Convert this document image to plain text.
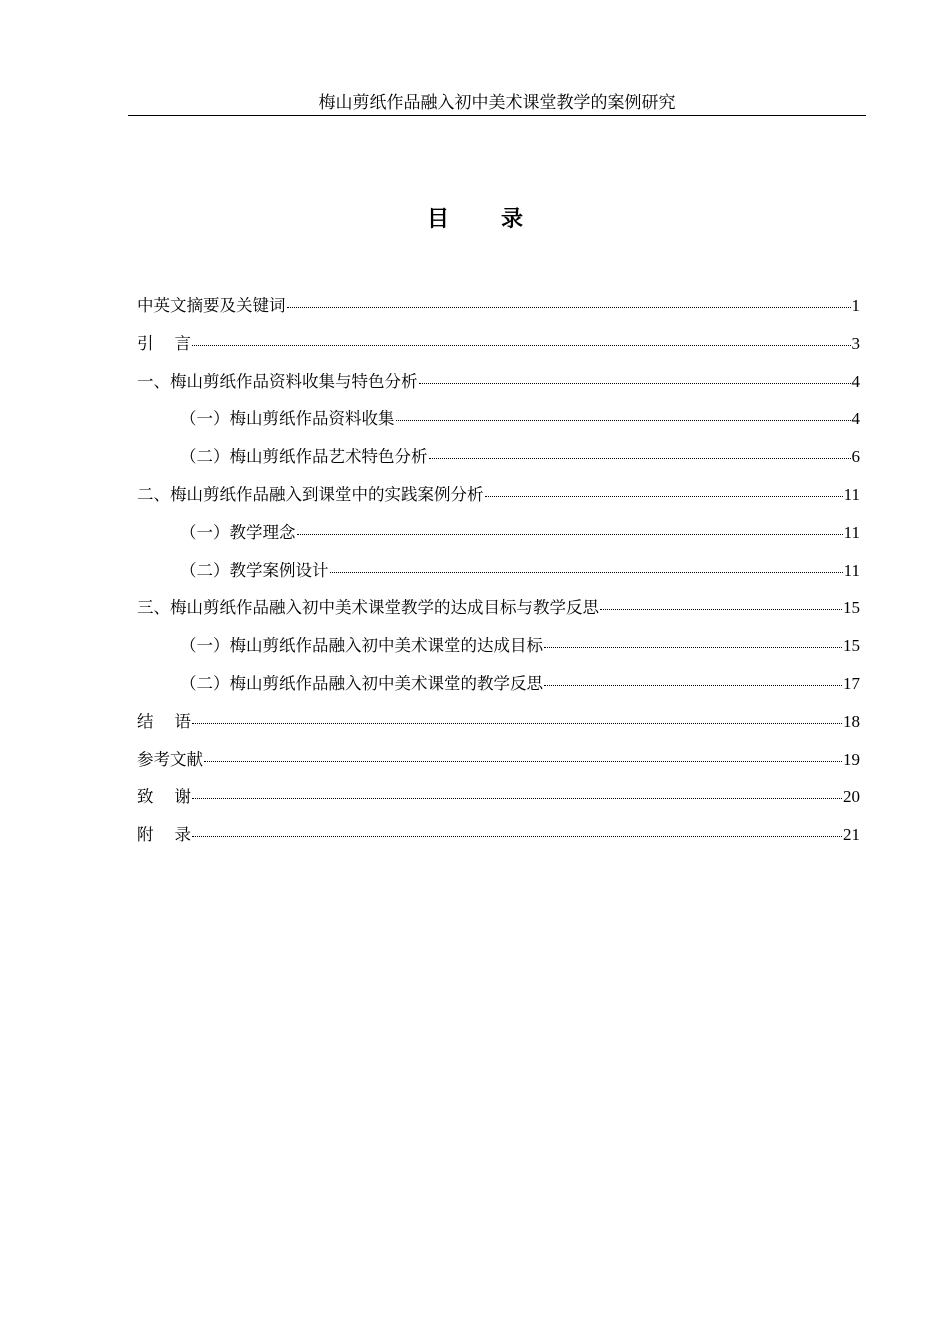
梅山剪纸作品融入初中美术课堂教学的案例研究
目 录
中英文摘要及关键词	1
引    言	3
一、梅山剪纸作品资料收集与特色分析	4
（一）梅山剪纸作品资料收集	4
（二）梅山剪纸作品艺术特色分析	6
二、梅山剪纸作品融入到课堂中的实践案例分析	11
（一）教学理念	11
（二）教学案例设计	11
三、梅山剪纸作品融入初中美术课堂教学的达成目标与教学反思	15
（一）梅山剪纸作品融入初中美术课堂的达成目标	15
（二）梅山剪纸作品融入初中美术课堂的教学反思	17
结    语	18
参考文献	19
致    谢	20
附    录	21
